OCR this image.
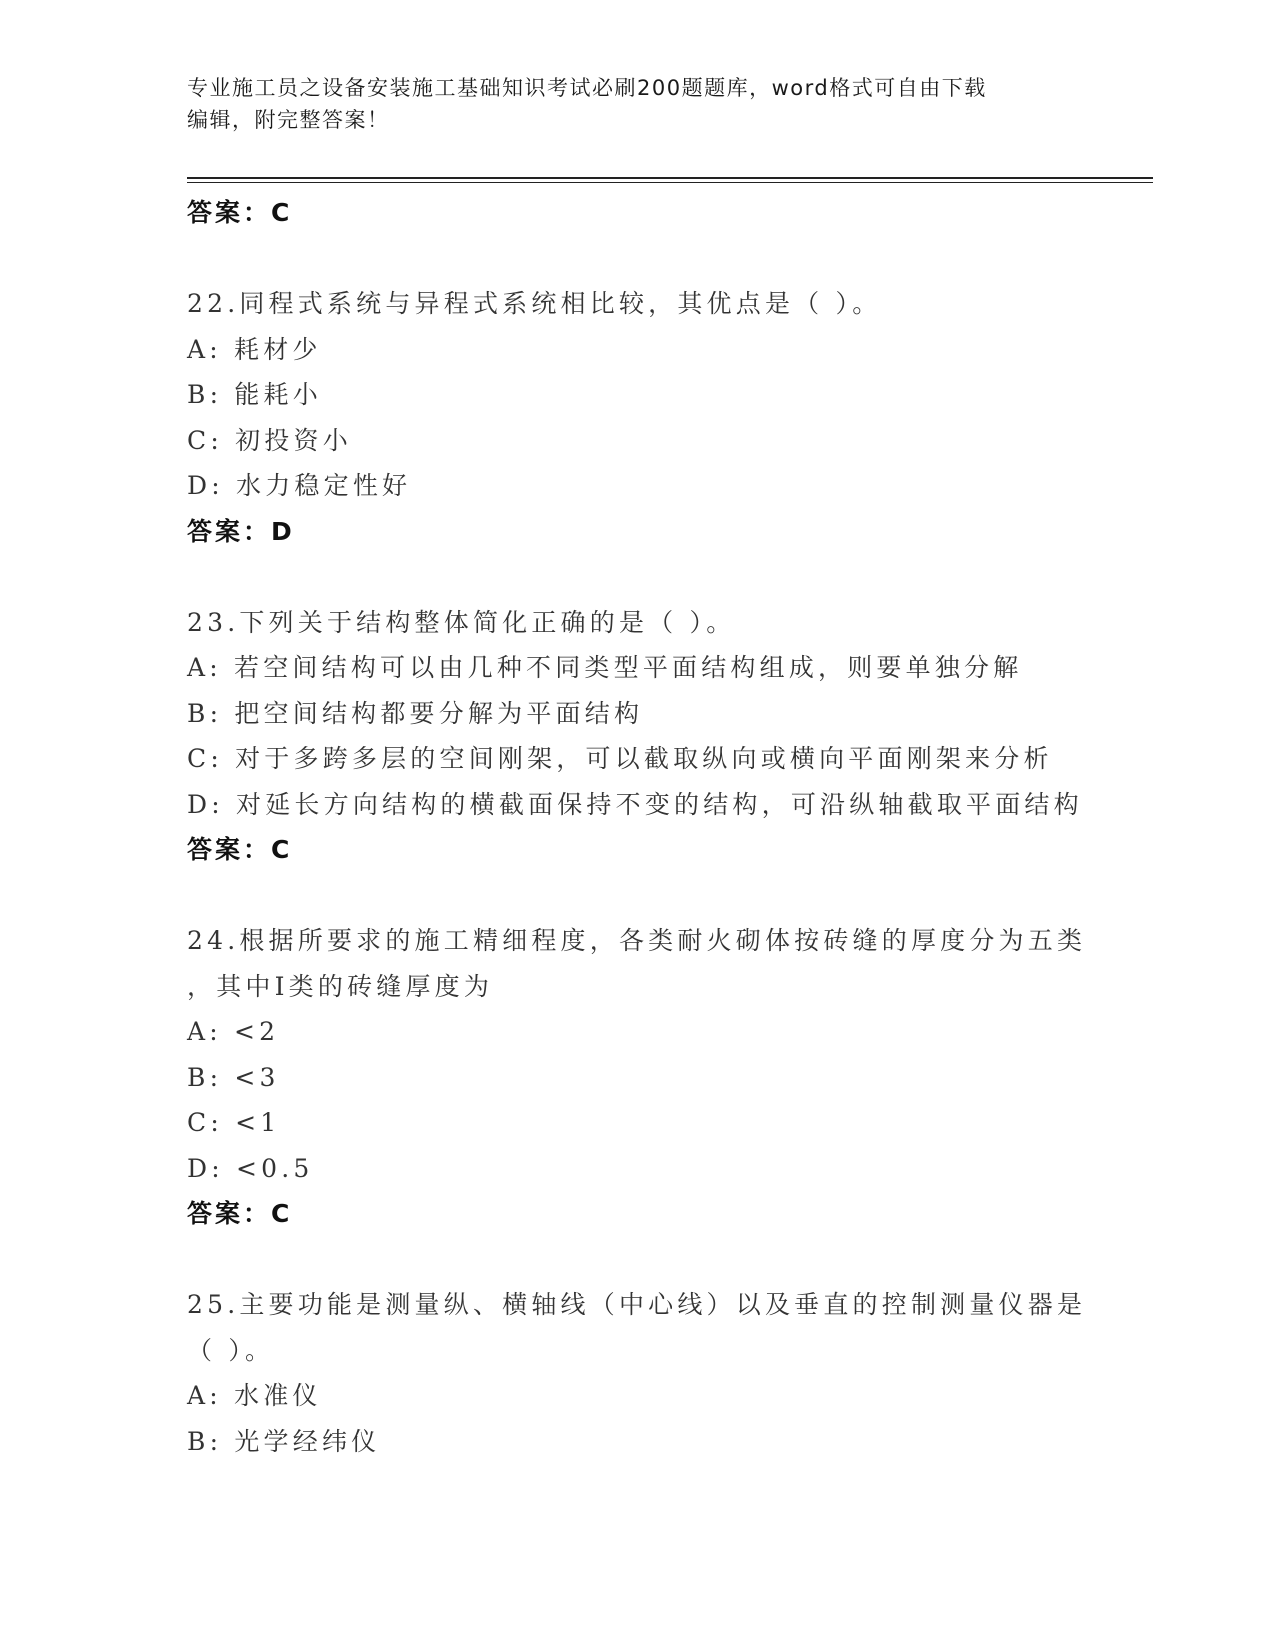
专业施工员之设备安装施工基础知识考试必刷200题题库，word格式可自由下载
编辑，附完整答案！
答案：C
22.同程式系统与异程式系统相比较，其优点是（ ）。
A: 耗材少
B: 能耗小
C: 初投资小
D: 水力稳定性好
答案：D
23.下列关于结构整体简化正确的是（ ）。
A: 若空间结构可以由几种不同类型平面结构组成，则要单独分解
B: 把空间结构都要分解为平面结构
C: 对于多跨多层的空间刚架，可以截取纵向或横向平面刚架来分析
D: 对延长方向结构的横截面保持不变的结构，可沿纵轴截取平面结构
答案：C
24.根据所要求的施工精细程度，各类耐火砌体按砖缝的厚度分为五类
，其中Ⅰ类的砖缝厚度为
A: <2
B: <3
C: <1
D: <0.5
答案：C
25.主要功能是测量纵、横轴线（中心线）以及垂直的控制测量仪器是
（ ）。
A: 水准仪
B: 光学经纬仪
